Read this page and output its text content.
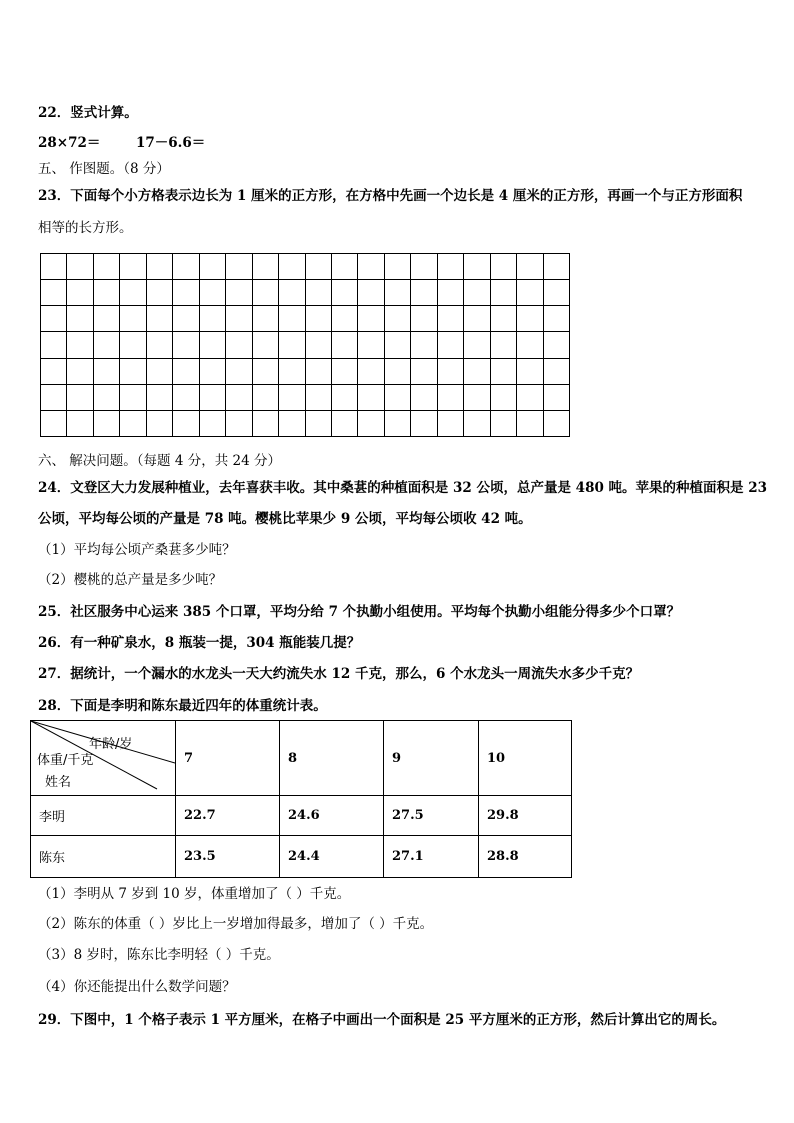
22．竖式计算。
28×72＝	17－6.6＝
五、 作图题。（8 分）
23．下面每个小方格表示边长为 1 厘米的正方形，在方格中先画一个边长是 4 厘米的正方形，再画一个与正方形面积
相等的长方形。
六、 解决问题。（每题 4 分，共 24 分）
24．文登区大力发展种植业，去年喜获丰收。其中桑葚的种植面积是 32 公顷，总产量是 480 吨。苹果的种植面积是 23
公顷，平均每公顷的产量是 78 吨。樱桃比苹果少 9 公顷，平均每公顷收 42 吨。
（1）平均每公顷产桑葚多少吨？
（2）樱桃的总产量是多少吨？
25．社区服务中心运来 385 个口罩，平均分给 7 个执勤小组使用。平均每个执勤小组能分得多少个口罩？
26．有一种矿泉水，8 瓶装一提，304 瓶能装几提？
27．据统计，一个漏水的水龙头一天大约流失水 12 千克，那么，6 个水龙头一周流失水多少千克？
28．下面是李明和陈东最近四年的体重统计表。
年龄/岁
体重/千克
姓名	7	8	9	10
李明	22.7	24.6	27.5	29.8
陈东	23.5	24.4	27.1	28.8
（1）李明从 7 岁到 10 岁，体重增加了（ ）千克。
（2）陈东的体重（ ）岁比上一岁增加得最多，增加了（ ）千克。
（3）8 岁时，陈东比李明轻（ ）千克。
（4）你还能提出什么数学问题？
29．下图中，1 个格子表示 1 平方厘米，在格子中画出一个面积是 25 平方厘米的正方形，然后计算出它的周长。
